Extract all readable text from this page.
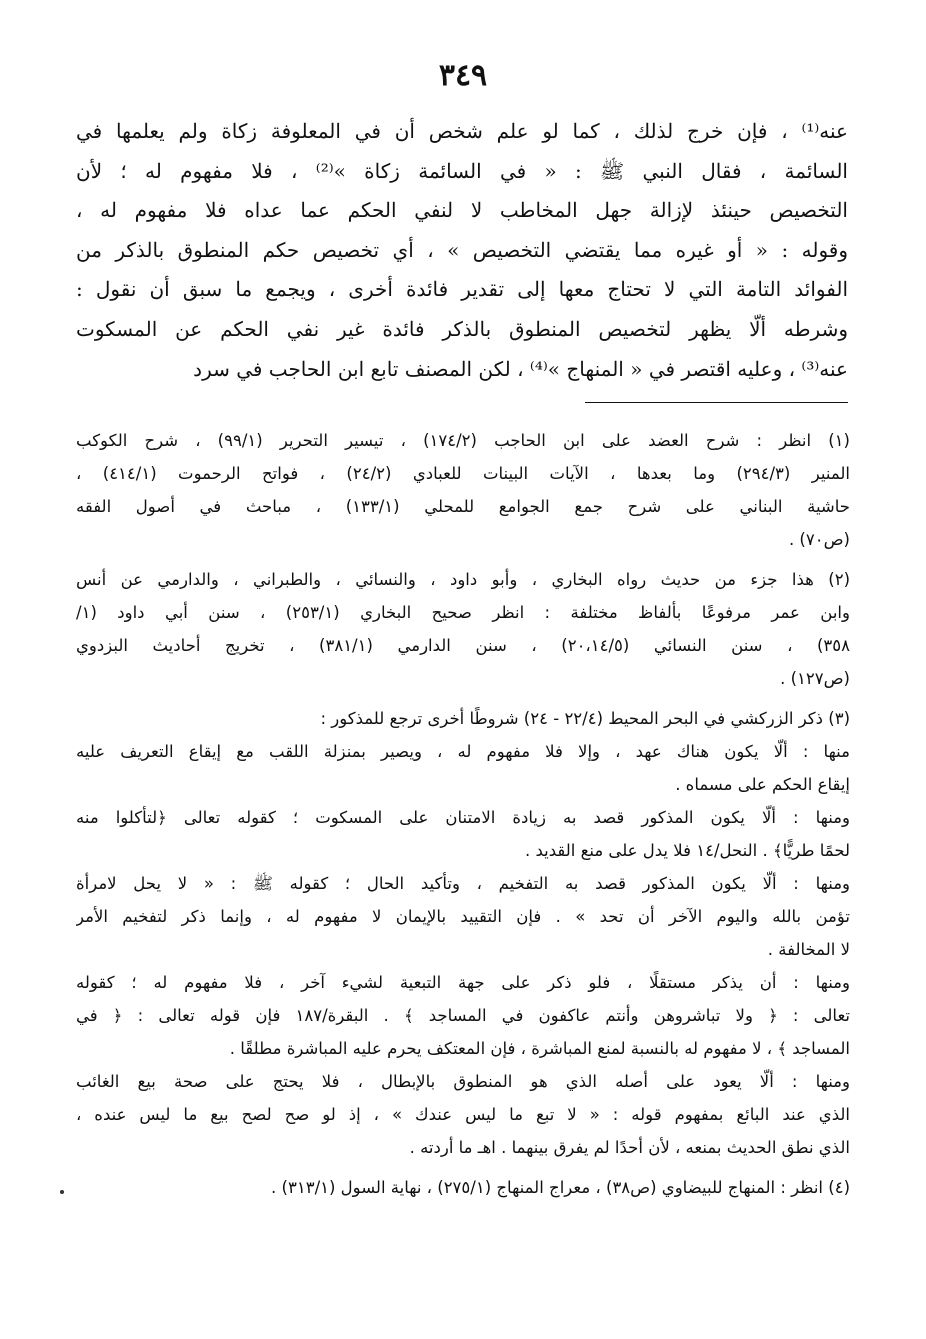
٣٤٩
عنه⁽¹⁾ ، فإن خرج لذلك ، كما لو علم شخص أن في المعلوفة زكاة ولم يعلمها في
السائمة ، فقال النبي ﷺ : « في السائمة زكاة »⁽²⁾ ، فلا مفهوم له ؛ لأن
التخصيص حينئذ لإزالة جهل المخاطب لا لنفي الحكم عما عداه فلا مفهوم له ،
وقوله : « أو غيره مما يقتضي التخصيص » ، أي تخصيص حكم المنطوق بالذكر من
الفوائد التامة التي لا تحتاج معها إلى تقدير فائدة أخرى ، ويجمع ما سبق أن نقول :
وشرطه ألّا يظهر لتخصيص المنطوق بالذكر فائدة غير نفي الحكم عن المسكوت
عنه⁽³⁾ ، وعليه اقتصر في « المنهاج »⁽⁴⁾ ، لكن المصنف تابع ابن الحاجب في سرد
(١) انظر : شرح العضد على ابن الحاجب (١٧٤/٢) ، تيسير التحرير (٩٩/١) ، شرح الكوكب
المنير (٢٩٤/٣) وما بعدها ، الآيات البينات للعبادي (٢٤/٢) ، فواتح الرحموت (٤١٤/١) ،
حاشية البناني على شرح جمع الجوامع للمحلي (١٣٣/١) ، مباحث في أصول الفقه
(ص٧٠) .
(٢) هذا جزء من حديث رواه البخاري ، وأبو داود ، والنسائي ، والطبراني ، والدارمي عن أنس
وابن عمر مرفوعًا بألفاظ مختلفة : انظر صحيح البخاري (٢٥٣/١) ، سنن أبي داود (١/
٣٥٨) ، سنن النسائي (٢٠،١٤/٥) ، سنن الدارمي (٣٨١/١) ، تخريج أحاديث البزدوي
(ص١٢٧) .
(٣) ذكر الزركشي في البحر المحيط (٢٢/٤ - ٢٤) شروطًا أخرى ترجع للمذكور :
منها : ألّا يكون هناك عهد ، وإلا فلا مفهوم له ، ويصير بمنزلة اللقب مع إيقاع التعريف عليه
إيقاع الحكم على مسماه .
ومنها : ألّا يكون المذكور قصد به زيادة الامتنان على المسكوت ؛ كقوله تعالى ﴿لتأكلوا منه
لحمًا طريًّا﴾ . النحل/١٤ فلا يدل على منع القديد .
ومنها : ألّا يكون المذكور قصد به التفخيم ، وتأكيد الحال ؛ كقوله ﷺ : « لا يحل لامرأة
تؤمن بالله واليوم الآخر أن تحد » . فإن التقييد بالإيمان لا مفهوم له ، وإنما ذكر لتفخيم الأمر
لا المخالفة .
ومنها : أن يذكر مستقلًا ، فلو ذكر على جهة التبعية لشيء آخر ، فلا مفهوم له ؛ كقوله
تعالى : ﴿ ولا تباشروهن وأنتم عاكفون في المساجد ﴾ . البقرة/١٨٧ فإن قوله تعالى : ﴿ في
المساجد ﴾ ، لا مفهوم له بالنسبة لمنع المباشرة ، فإن المعتكف يحرم عليه المباشرة مطلقًا .
ومنها : ألّا يعود على أصله الذي هو المنطوق بالإبطال ، فلا يحتج على صحة بيع الغائب
الذي عند البائع بمفهوم قوله : « لا تبع ما ليس عندك » ، إذ لو صح لصح بيع ما ليس عنده ،
الذي نطق الحديث بمنعه ، لأن أحدًا لم يفرق بينهما . اهـ ما أردته .
(٤) انظر : المنهاج للبيضاوي (ص٣٨) ، معراج المنهاج (٢٧٥/١) ، نهاية السول (٣١٣/١) .
